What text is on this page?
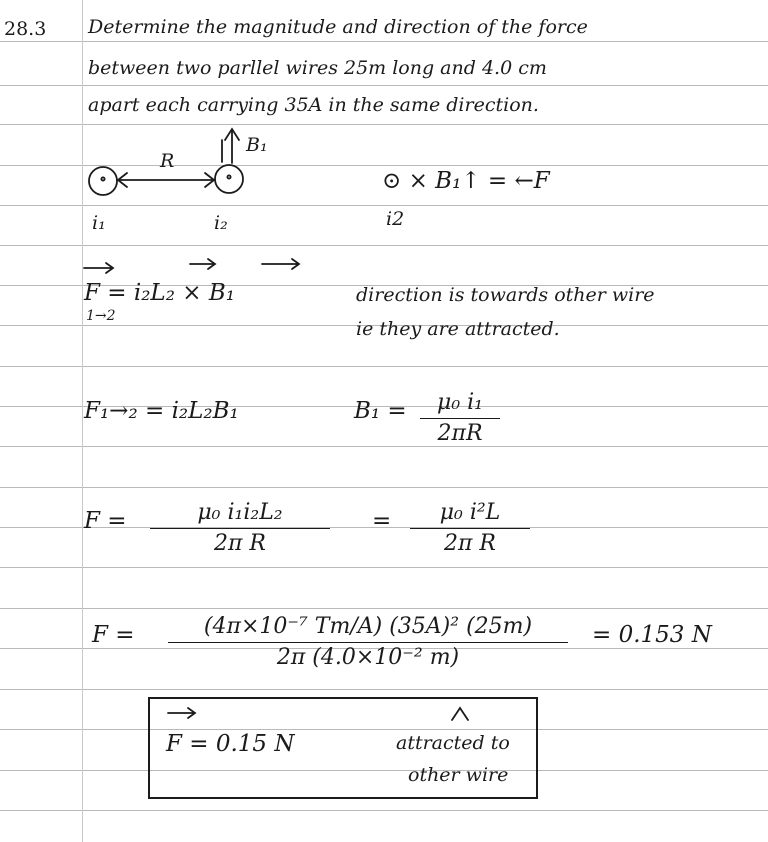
28.3 Determine the magnitude and direction of the force
between two parllel wires 25m long and 4.0 cm
apart each carrying 35A in the same direction.
B₁
R
i₁	i₂
⊙ × B₁↑ = ←F
i2
F = i₂L₂ × B₁
1→2
direction is towards other wire
ie they are attracted.
F₁→₂ = i₂L₂B₁	B₁ =	μ₀ i₁
2πR
F =	μ₀ i₁i₂L₂
2π R
=	μ₀ i²L
2π R
F =	(4π×10⁻⁷ Tm/A) (35A)² (25m)
2π (4.0×10⁻² m)
= 0.153 N
F = 0.15 N	attracted to
other wire
